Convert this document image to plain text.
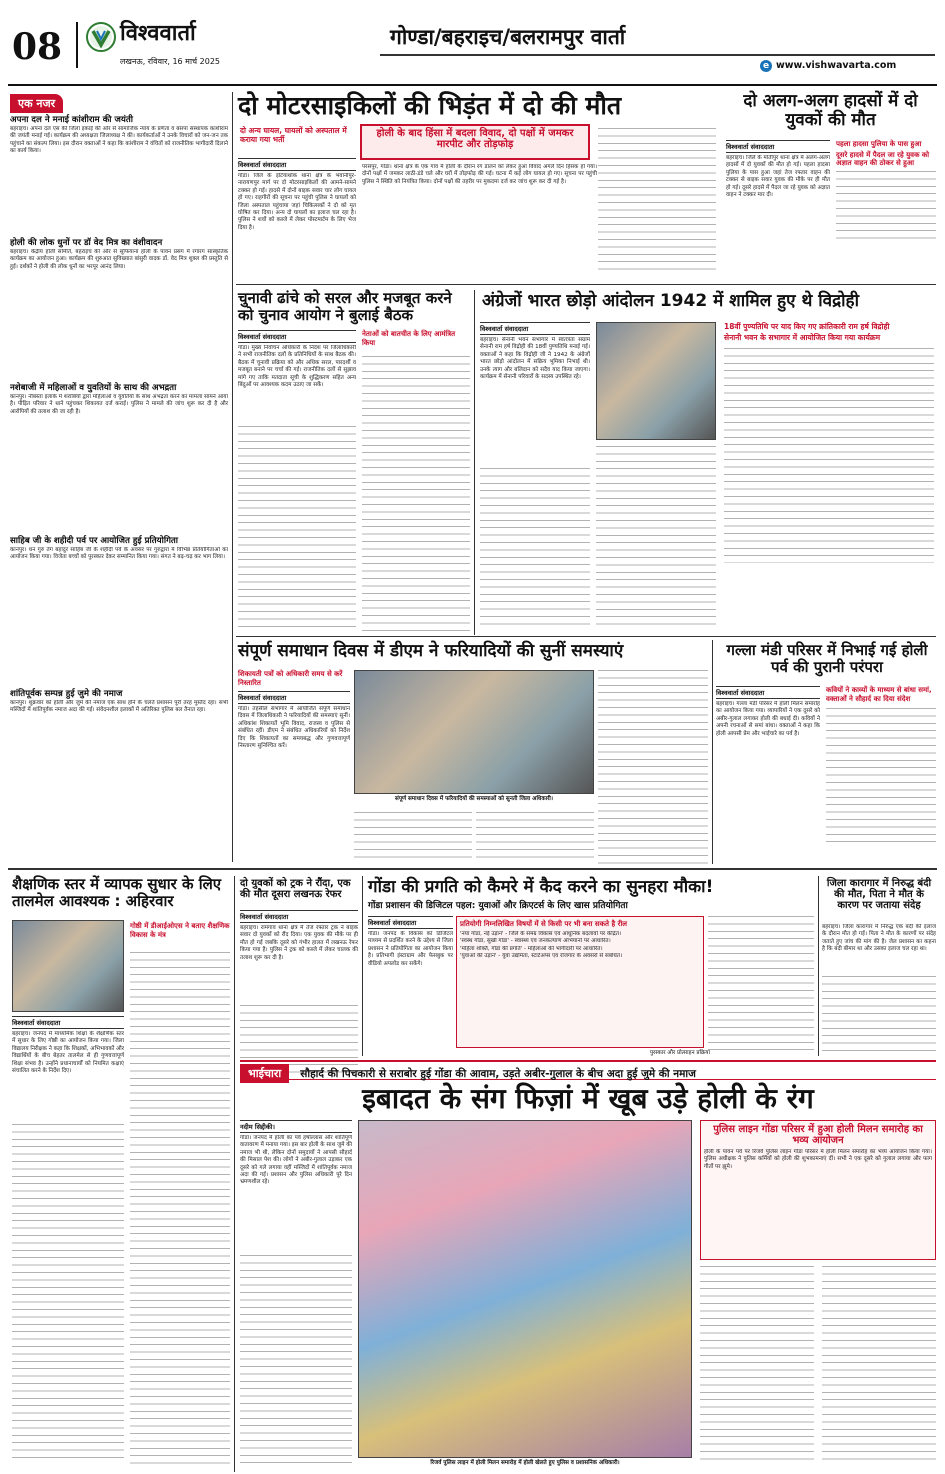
08	विश्ववार्ता
लखनऊ, रविवार, 16 मार्च 2025
गोण्डा/बहराइच/बलरामपुर वार्ता
e www.vishwavarta.com
एक नजर
अपना दल ने मनाई कांशीराम की जयंती
बहराइच। अपना दल एस की जिला इकाई की ओर से सामाजिक न्याय के प्रणेता व बसपा संस्थापक कांशीराम की जयंती मनाई गई। कार्यक्रम की अध्यक्षता जिलाध्यक्ष ने की। कार्यकर्ताओं ने उनके विचारों को जन-जन तक पहुंचाने का संकल्प लिया। इस दौरान वक्ताओं ने कहा कि कांशीराम ने वंचितों को राजनीतिक भागीदारी दिलाने का कार्य किया।
होली की लोक धुनों पर डॉ वेद मित्र का वंशीवादन
बहराइच। केंद्रीय होली समिति, बहराइच की ओर से सूफियाना होली के पावन प्रसंग में रंगारंग सांस्कृतिक कार्यक्रम का आयोजन हुआ। कार्यक्रम की शुरुआत सुविख्यात बांसुरी वादक डॉ. वेद मित्र शुक्ल की प्रस्तुति से हुई। दर्शकों ने होली की लोक धुनों का भरपूर आनंद लिया।
नशेबाजी में महिलाओं व युवतियों के साथ की अभद्रता
कानपुर। नौबस्ता इलाके में शराबियों द्वारा महिलाओं व युवतियों के साथ अभद्रता करने का मामला सामने आया है। पीड़ित परिवार ने थाने पहुंचकर शिकायत दर्ज कराई। पुलिस ने मामले की जांच शुरू कर दी है और आरोपियों की तलाश की जा रही है।
साहिब जी के शहीदी पर्व पर आयोजित हुई प्रतियोगिता
कानपुर। धन गुरु तेग बहादुर साहिब जी के शहीदी पर्व के अवसर पर गुरुद्वारा में विभिन्न प्रतियोगिताओं का आयोजन किया गया। विजेता बच्चों को पुरस्कार देकर सम्मानित किया गया। संगत ने बढ़-चढ़ कर भाग लिया।
शांतिपूर्वक सम्पन्न हुई जुमे की नमाज
कानपुर। शुक्रवार को होली और जुमे की नमाज एक साथ होने के चलते प्रशासन पूरी तरह मुस्तैद रहा। सभी मस्जिदों में शांतिपूर्वक नमाज अदा की गई। संवेदनशील इलाकों में अतिरिक्त पुलिस बल तैनात रहा।
दो मोटरसाइकिलों की भिड़ंत में दो की मौत
दो अन्य घायल, घायलों को अस्पताल में कराया गया भर्ती
होली के बाद हिंसा में बदला विवाद, दो पक्षों में जमकर मारपीट और तोड़फोड़
विश्ववार्ता संवाददाता
गोंडा। जिले के इटियाथोक थाना क्षेत्र के भवानीपुर-नारायणपुर मार्ग पर दो मोटरसाइकिलों की आमने-सामने टक्कर हो गई। हादसे में दोनों बाइक सवार चार लोग घायल हो गए। राहगीरों की सूचना पर पहुंची पुलिस ने घायलों को जिला अस्पताल पहुंचाया जहां चिकित्सकों ने दो को मृत घोषित कर दिया। अन्य दो घायलों का इलाज चल रहा है। पुलिस ने शवों को कब्जे में लेकर पोस्टमार्टम के लिए भेज दिया है।
परसपुर, गोंडा। थाना क्षेत्र के एक गांव में होली के दौरान रंग डालने को लेकर हुआ विवाद अगले दिन हिंसक हो गया। दोनों पक्षों में जमकर लाठी-डंडे चले और घरों में तोड़फोड़ की गई। घटना में कई लोग घायल हो गए। सूचना पर पहुंची पुलिस ने स्थिति को नियंत्रित किया। दोनों पक्षों की तहरीर पर मुकदमा दर्ज कर जांच शुरू कर दी गई है।
दो अलग-अलग हादसों में दो युवकों की मौत
विश्ववार्ता संवाददाता
बहराइच। जिले के मोतीपुर थाना क्षेत्र में अलग-अलग हादसों में दो युवकों की मौत हो गई। पहला हादसा पुलिया के पास हुआ जहां तेज रफ्तार वाहन की टक्कर से बाइक सवार युवक की मौके पर ही मौत हो गई। दूसरे हादसे में पैदल जा रहे युवक को अज्ञात वाहन ने टक्कर मार दी।
पहला हादसा पुलिया के पास हुआ
दूसरे हादसे में पैदल जा रहे युवक को अज्ञात वाहन की ठोकर से हुआ
चुनावी ढांचे को सरल और मजबूत करने को चुनाव आयोग ने बुलाई बैठक
विश्ववार्ता संवाददाता	नेताओं को बातचीत के लिए आमंत्रित किया
गोंडा। मुख्य निर्वाचन अधिकारी के निर्देश पर जिलाधिकारी ने सभी राजनीतिक दलों के प्रतिनिधियों के साथ बैठक की। बैठक में चुनावी प्रक्रिया को और अधिक सरल, पारदर्शी व मजबूत बनाने पर चर्चा की गई। राजनीतिक दलों से सुझाव मांगे गए ताकि मतदाता सूची के शुद्धिकरण सहित अन्य बिंदुओं पर आवश्यक कदम उठाए जा सकें।
अंग्रेजों भारत छोड़ो आंदोलन 1942 में शामिल हुए थे विद्रोही
विश्ववार्ता संवाददाता
बहराइच। सेनानी भवन सभागार में स्वतंत्रता संग्राम सेनानी राम हर्ष विद्रोही की 18वीं पुण्यतिथि मनाई गई। वक्ताओं ने कहा कि विद्रोही जी ने 1942 के अंग्रेजों भारत छोड़ो आंदोलन में सक्रिय भूमिका निभाई थी। उनके त्याग और बलिदान को सदैव याद किया जाएगा। कार्यक्रम में सेनानी परिवारों के सदस्य उपस्थित रहे।
18वीं पुण्यतिथि पर याद किए गए क्रांतिकारी राम हर्ष विद्रोही
सेनानी भवन के सभागार में आयोजित किया गया कार्यक्रम
संपूर्ण समाधान दिवस में डीएम ने फरियादियों की सुनीं समस्याएं
शिकायती पत्रों को अधिकारी समय से करें निस्तारित
विश्ववार्ता संवाददाता
गोंडा। तहसील सभागार में आयोजित संपूर्ण समाधान दिवस में जिलाधिकारी ने फरियादियों की समस्याएं सुनीं। अधिकांश शिकायतें भूमि विवाद, राजस्व व पुलिस से संबंधित रहीं। डीएम ने संबंधित अधिकारियों को निर्देश दिए कि शिकायतों का समयबद्ध और गुणवत्तापूर्ण निस्तारण सुनिश्चित करें।
संपूर्ण समाधान दिवस में फरियादियों की समस्याओं को सुनती जिला अधिकारी।
गल्ला मंडी परिसर में निभाई गई होली पर्व की पुरानी परंपरा
विश्ववार्ता संवाददाता
बहराइच। गल्ला मंडी परिसर में होली मिलन समारोह का आयोजन किया गया। व्यापारियों ने एक दूसरे को अबीर-गुलाल लगाकर होली की बधाई दी। कवियों ने अपनी रचनाओं से समां बांधा। वक्ताओं ने कहा कि होली आपसी प्रेम और भाईचारे का पर्व है।
कवियों ने काव्यों के माध्यम से बांधा समां, वक्ताओं ने सौहार्द का दिया संदेश
शैक्षणिक स्तर में व्यापक सुधार के लिए तालमेल आवश्यक : अहिरवार
गोष्ठी में डीआईओएस ने बताए शैक्षणिक विकास के मंत्र
विश्ववार्ता संवाददाता
बहराइच। जनपद में माध्यमिक शिक्षा के शैक्षणिक स्तर में सुधार के लिए गोष्ठी का आयोजन किया गया। जिला विद्यालय निरीक्षक ने कहा कि शिक्षकों, अभिभावकों और विद्यार्थियों के बीच बेहतर तालमेल से ही गुणवत्तापूर्ण शिक्षा संभव है। उन्होंने प्रधानाचार्यों को नियमित कक्षाएं संचालित करने के निर्देश दिए।
दो युवकों को ट्रक ने रौंदा, एक की मौत दूसरा लखनऊ रेफर
विश्ववार्ता संवाददाता
बहराइच। रामगांव थाना क्षेत्र में तेज रफ्तार ट्रक ने बाइक सवार दो युवकों को रौंद दिया। एक युवक की मौके पर ही मौत हो गई जबकि दूसरे को गंभीर हालत में लखनऊ रेफर किया गया है। पुलिस ने ट्रक को कब्जे में लेकर चालक की तलाश शुरू कर दी है।
गोंडा की प्रगति को कैमरे में कैद करने का सुनहरा मौका!
गोंडा प्रशासन की डिजिटल पहल: युवाओं और क्रिएटर्स के लिए खास प्रतियोगिता
विश्ववार्ता संवाददाता
गोंडा। जनपद के विकास को डिजिटल माध्यम से प्रदर्शित करने के उद्देश्य से जिला प्रशासन ने प्रतियोगिता का आयोजन किया है। प्रतिभागी इंस्टाग्राम और फेसबुक पर वीडियो अपलोड कर सकेंगे।
प्रतियोगी निम्नलिखित विषयों में से किसी पर भी बना सकते है रील
'नया गोंडा, नई उड़ान' - जिले के समग्र विकास एवं आधुनिक बदलावों पर केंद्रित।
'स्वस्थ गोंडा, सुखी गोंडा' - स्वास्थ्य एवं जनकल्याण अभियानों पर आधारित।
'महिला शक्ति, गोंडा की प्रगति' - महिलाओं की भागीदारी पर आधारित।
'युवाओं की उड़ान' - युवा उद्यमिता, स्टार्टअप्स एवं रोजगार के अवसरों से संबंधित।
पुरस्कार और प्रोत्साहन प्रक्रिया
जिला कारागार में निरुद्ध बंदी की मौत, पिता ने मौत के कारण पर जताया संदेह
बहराइच। जिला कारागार में निरुद्ध एक बंदी की इलाज के दौरान मौत हो गई। पिता ने मौत के कारणों पर संदेह जताते हुए जांच की मांग की है। जेल प्रशासन का कहना है कि बंदी बीमार था और उसका इलाज चल रहा था।
भाईचारा सौहार्द की पिचकारी से सराबोर हुई गोंडा की आवाम, उड़ते अबीर-गुलाल के बीच अदा हुई जुमे की नमाज
इबादत के संग फिज़ां में खूब उड़े होली के रंग
नदीम सिद्दीकी।
गोंडा। जनपद में होली का पर्व हर्षोल्लास और शांतिपूर्ण वातावरण में मनाया गया। इस बार होली के साथ जुमे की नमाज भी थी, लेकिन दोनों समुदायों ने आपसी सौहार्द की मिसाल पेश की। लोगों ने अबीर-गुलाल उड़ाकर एक दूसरे को गले लगाया वहीं मस्जिदों में शांतिपूर्वक नमाज अदा की गई। प्रशासन और पुलिस अधिकारी पूरे दिन भ्रमणशील रहे।
रिजर्व पुलिस लाइन में होली मिलन समारोह में होली खेलते हुए पुलिस व प्रशासनिक अधिकारी।
पुलिस लाइन गोंडा परिसर में हुआ होली मिलन समारोह का भव्य आयोजन
होली के पावन पर्व पर रिजर्व पुलिस लाइन गोंडा परिसर में होली मिलन समारोह का भव्य आयोजन किया गया। पुलिस अधीक्षक ने पुलिस कर्मियों को होली की शुभकामनाएं दीं। सभी ने एक दूसरे को गुलाल लगाया और फाग गीतों पर झूमे।
